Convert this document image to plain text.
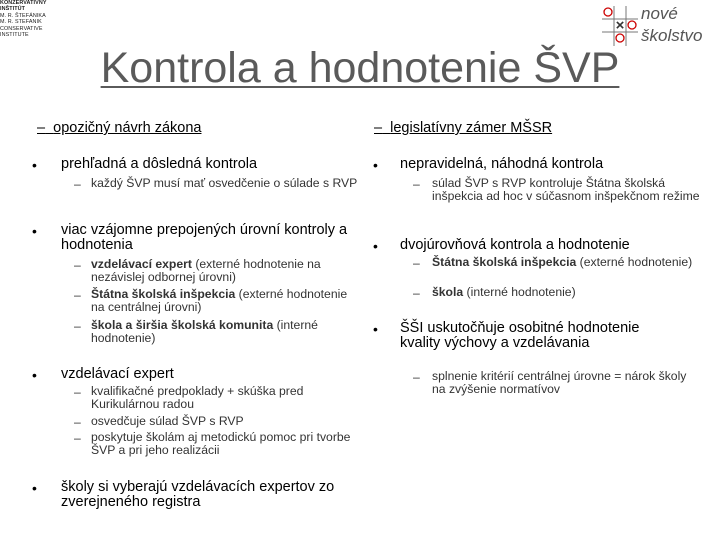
KONZERVATÍVNY
INŠTITÚT
M. R. ŠTEFÁNIKA
M. R. STEFANIK
CONSERVATIVE
INSTITUTE
×
nové
školstvo
Kontrola a hodnotenie ŠVP
– opozičný návrh zákona
• prehľadná a dôsledná kontrola
– každý ŠVP musí mať osvedčenie o súlade s RVP
• viac vzájomne prepojených úrovní kontroly a hodnotenia
– vzdelávací expert (externé hodnotenie na nezávislej odbornej úrovni)
– Štátna školská inšpekcia (externé hodnotenie na centrálnej úrovni)
– škola a širšia školská komunita (interné hodnotenie)
• vzdelávací expert
– kvalifikačné predpoklady + skúška pred Kurikulárnou radou
– osvedčuje súlad ŠVP s RVP
– poskytuje školám aj metodickú pomoc pri tvorbe ŠVP a pri jeho realizácii
• školy si vyberajú vzdelávacích expertov zo zverejneného registra
– legislatívny zámer MŠSR
• nepravidelná, náhodná kontrola
– súlad ŠVP s RVP kontroluje Štátna školská inšpekcia ad hoc v súčasnom inšpekčnom režime
• dvojúrovňová kontrola a hodnotenie
– Štátna školská inšpekcia (externé hodnotenie)
– škola (interné hodnotenie)
• ŠŠI uskutočňuje osobitné hodnotenie kvality výchovy a vzdelávania
– splnenie kritérií centrálnej úrovne = nárok školy na zvýšenie normatívov
